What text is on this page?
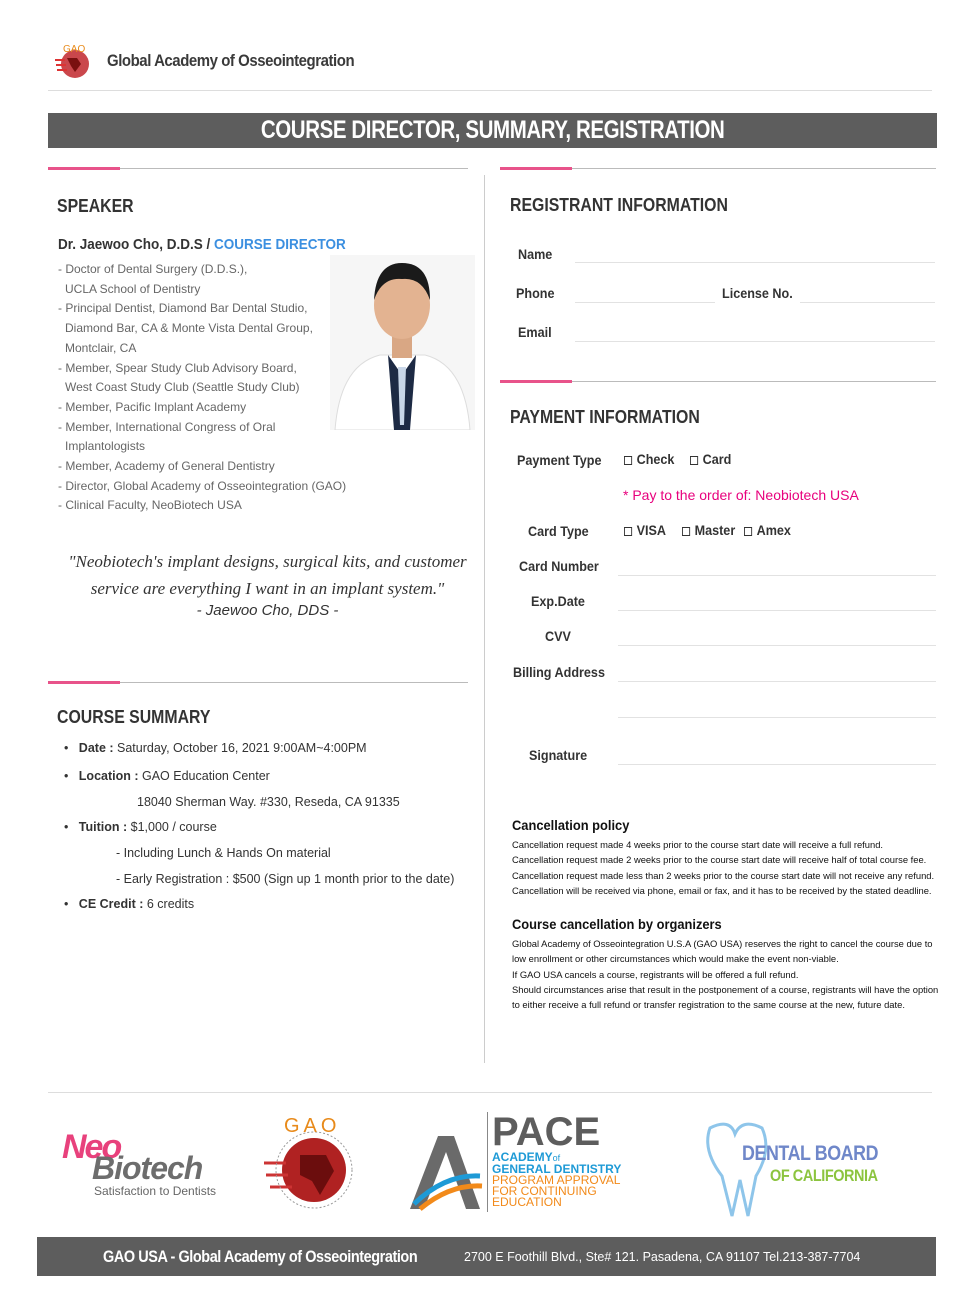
GAO
Global Academy of Osseointegration
COURSE DIRECTOR, SUMMARY, REGISTRATION
SPEAKER
Dr. Jaewoo Cho, D.D.S / COURSE DIRECTOR
- Doctor of Dental Surgery (D.D.S.),
UCLA School of Dentistry
- Principal Dentist, Diamond Bar Dental Studio,
Diamond Bar, CA & Monte Vista Dental Group,
Montclair, CA
- Member, Spear Study Club Advisory Board,
West Coast Study Club (Seattle Study Club)
- Member, Pacific Implant Academy
- Member, International Congress of Oral
Implantologists
- Member, Academy of General Dentistry
- Director, Global Academy of Osseointegration (GAO)
- Clinical Faculty, NeoBiotech USA
"Neobiotech's implant designs, surgical kits, and customer
service are everything I want in an implant system."
- Jaewoo Cho, DDS -
COURSE SUMMARY
•   Date : Saturday, October 16, 2021 9:00AM~4:00PM
•   Location : GAO Education Center
18040 Sherman Way. #330, Reseda, CA 91335
•   Tuition : $1,000 / course
- Including Lunch & Hands On material
- Early Registration : $500 (Sign up 1 month prior to the date)
•   CE Credit : 6 credits
REGISTRANT INFORMATION
Name
Phone	License No.
Email
PAYMENT INFORMATION
Payment Type	Check	Card
* Pay to the order of: Neobiotech USA
Card Type	VISA	Master	Amex
Card Number
Exp.Date
CVV
Billing Address
Signature
Cancellation policy
Cancellation request made 4 weeks prior to the course start date will receive a full refund.
Cancellation request made 2 weeks prior to the course start date will receive half of total course fee.
Cancellation request made less than 2 weeks prior to the course start date will not receive any refund.
Cancellation will be received via phone, email or fax, and it has to be received by the stated deadline.
Course cancellation by organizers
Global Academy of Osseointegration U.S.A (GAO USA) reserves the right to cancel the course due to
low enrollment or other circumstances which would make the event non-viable.
If GAO USA cancels a course, registrants will be offered a full refund.
Should circumstances arise that result in the postponement of a course, registrants will have the option
to either receive a full refund or transfer registration to the same course at the new, future date.
Neo
Biotech
Satisfaction to Dentists
GAO	PACE
ACADEMYof
GENERAL DENTISTRY
PROGRAM APPROVAL
FOR CONTINUING
EDUCATION
DENTAL BOARD
OF CALIFORNIA
GAO USA - Global Academy of Osseointegration	2700 E Foothill Blvd., Ste# 121. Pasadena, CA 91107 Tel.213-387-7704
